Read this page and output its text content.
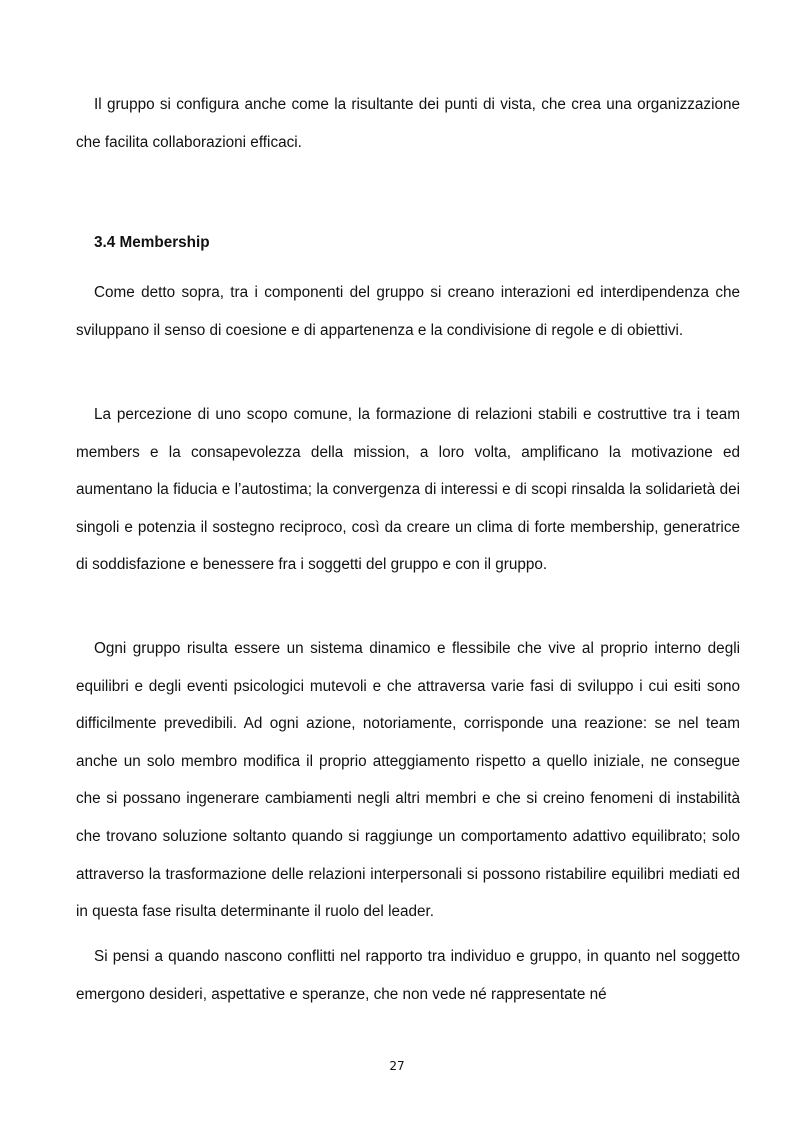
Il gruppo si configura anche come la risultante dei punti di vista, che crea una organizzazione che facilita collaborazioni efficaci.

3.4 Membership

Come detto sopra, tra i componenti del gruppo si creano interazioni ed interdipendenza che sviluppano il senso di coesione e di appartenenza e la condivisione di regole e di obiettivi.

La percezione di uno scopo comune, la formazione di relazioni stabili e costruttive tra i team members e la consapevolezza della mission, a loro volta, amplificano la motivazione ed aumentano la fiducia e l’autostima; la convergenza di interessi e di scopi rinsalda la solidarietà dei singoli e potenzia il sostegno reciproco, così da creare un clima di forte membership, generatrice di soddisfazione e benessere fra i soggetti del gruppo e con il gruppo.

Ogni gruppo risulta essere un sistema dinamico e flessibile che vive al proprio interno degli equilibri e degli eventi psicologici mutevoli e che attraversa varie fasi di sviluppo i cui esiti sono difficilmente prevedibili. Ad ogni azione, notoriamente, corrisponde una reazione: se nel team anche un solo membro modifica il proprio atteggiamento rispetto a quello iniziale, ne consegue che si possano ingenerare cambiamenti negli altri membri e che si creino fenomeni di instabilità che trovano soluzione soltanto quando si raggiunge un comportamento adattivo equilibrato; solo attraverso la trasformazione delle relazioni interpersonali si possono ristabilire equilibri mediati ed in questa fase risulta determinante il ruolo del leader.

Si pensi a quando nascono conflitti nel rapporto tra individuo e gruppo, in quanto nel soggetto emergono desideri, aspettative e speranze, che non vede né rappresentate né

27
